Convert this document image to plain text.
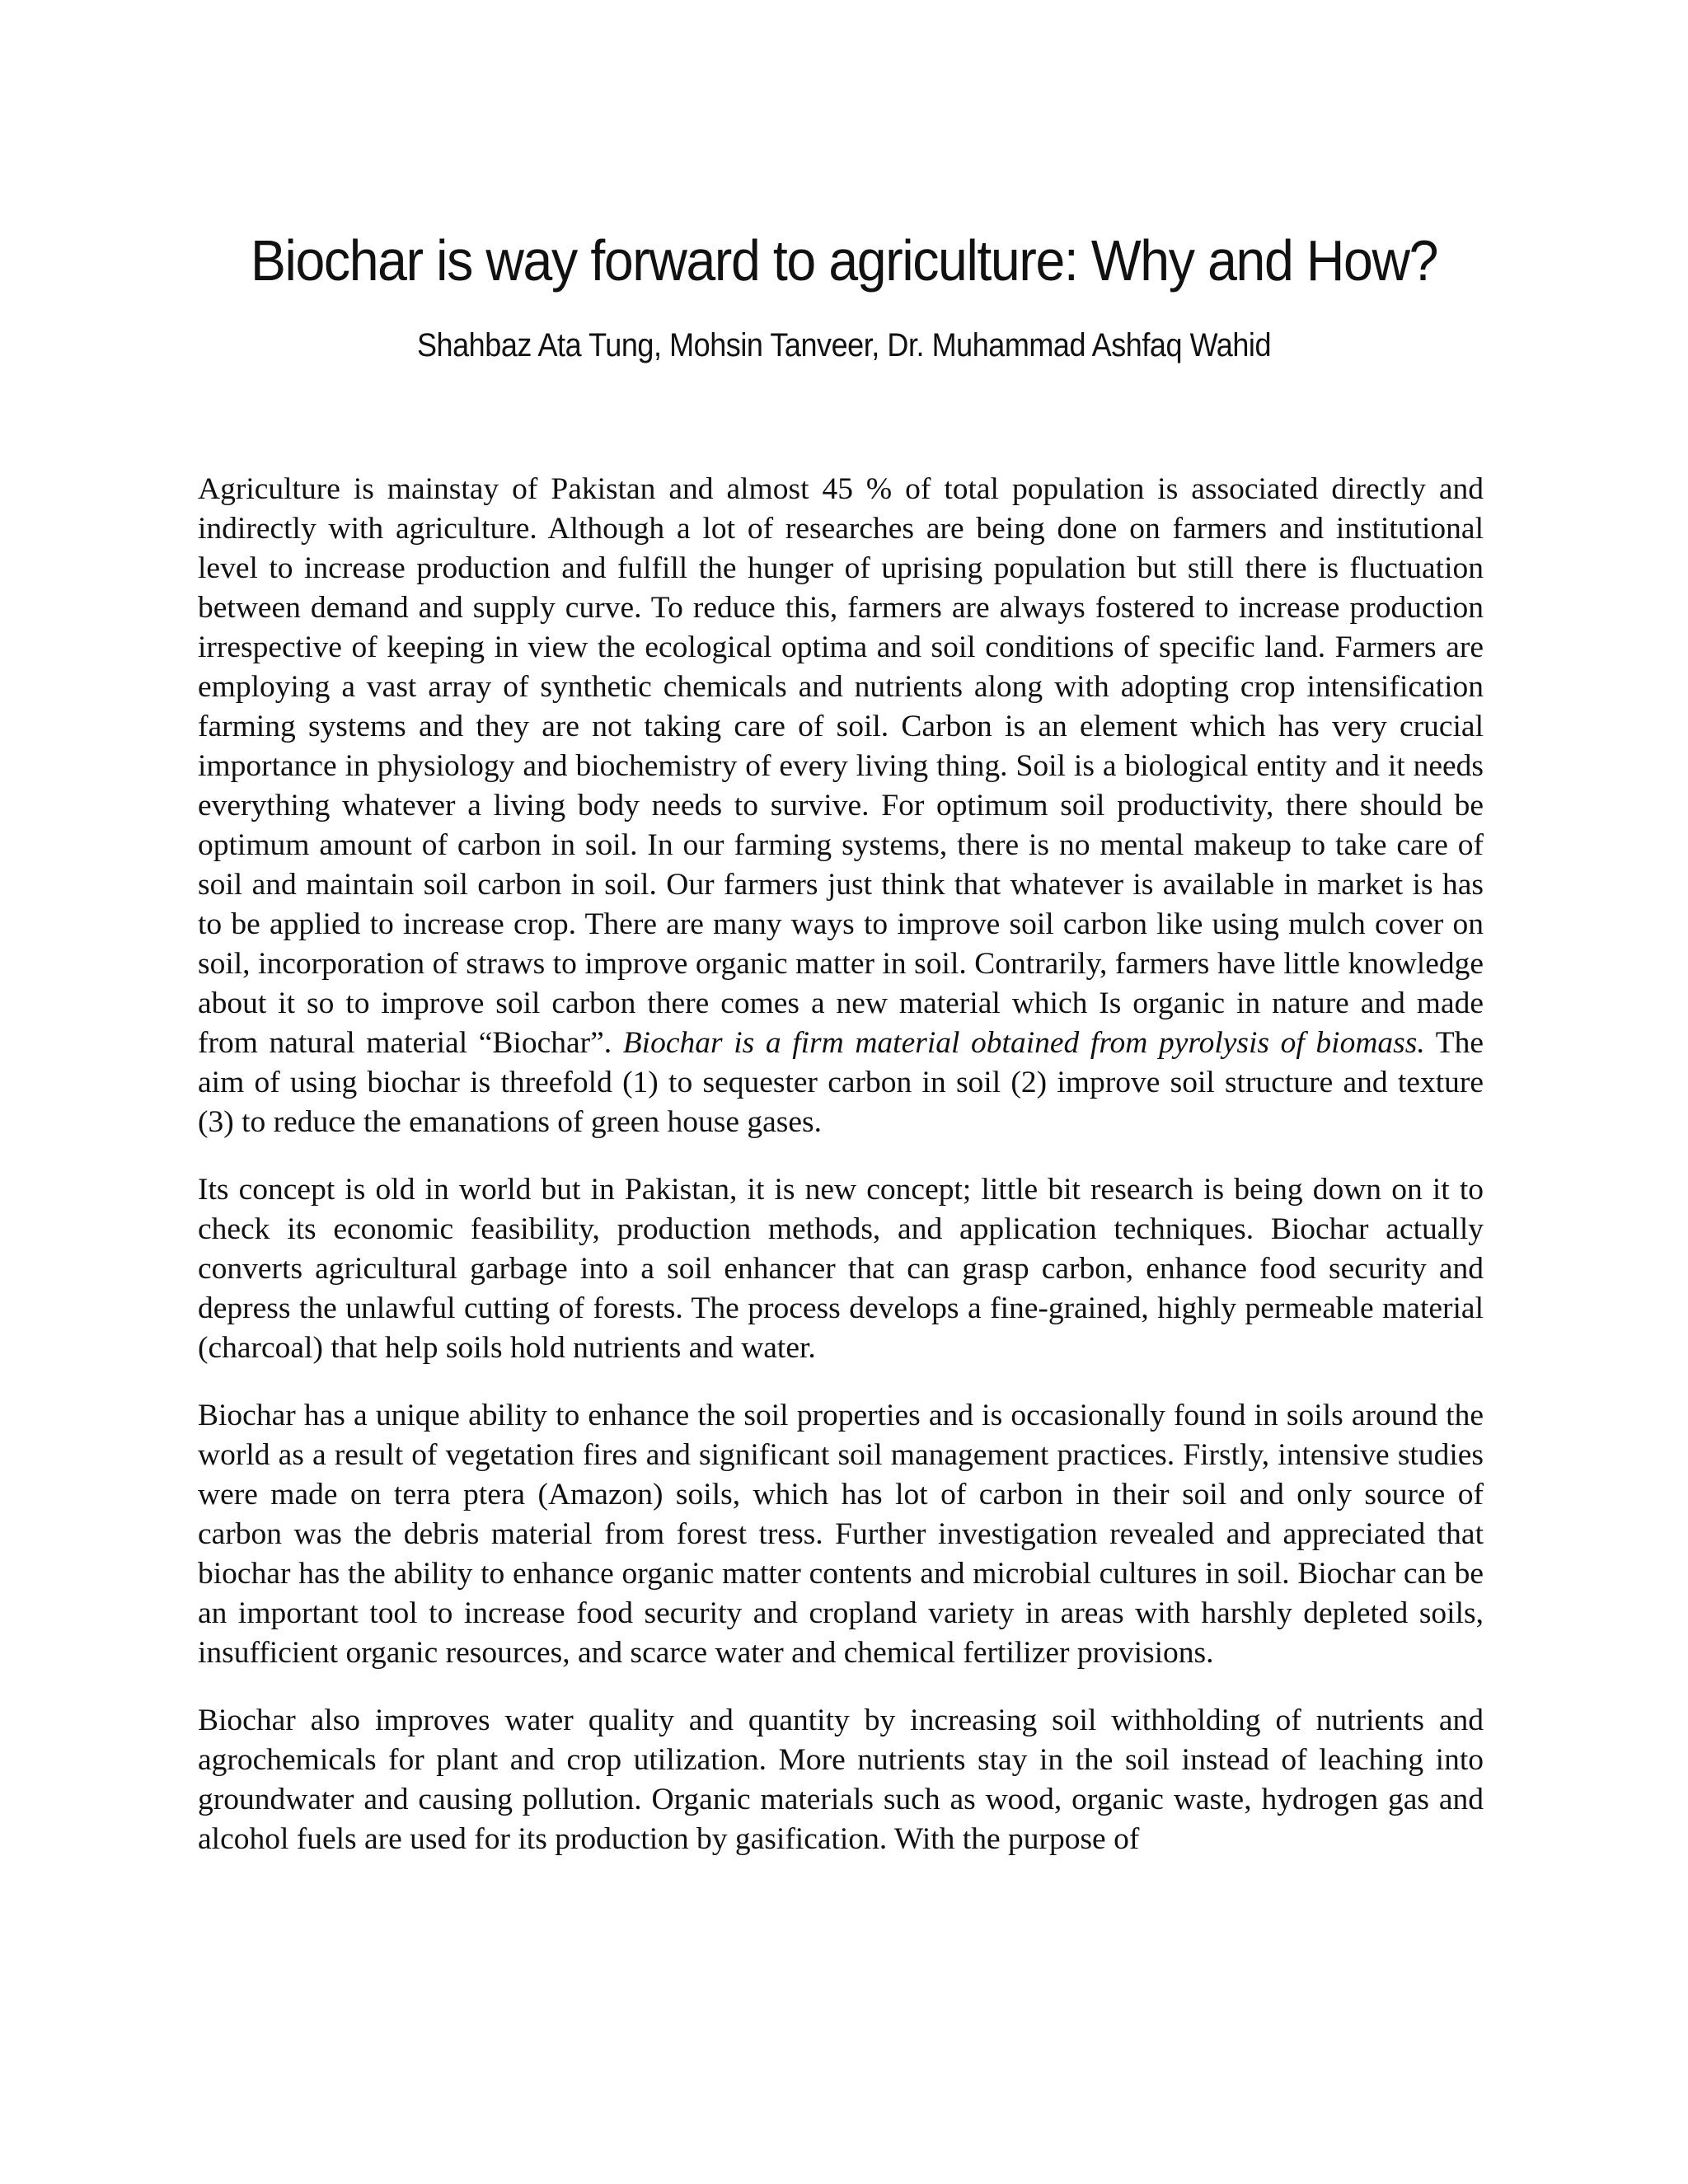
Biochar is way forward to agriculture: Why and How?
Shahbaz Ata Tung, Mohsin Tanveer, Dr. Muhammad Ashfaq Wahid

Agriculture is mainstay of Pakistan and almost 45 % of total population is associated directly and indirectly with agriculture. Although a lot of researches are being done on farmers and institutional level to increase production and fulfill the hunger of uprising population but still there is fluctuation between demand and supply curve. To reduce this, farmers are always fostered to increase production irrespective of keeping in view the ecological optima and soil conditions of specific land. Farmers are employing a vast array of synthetic chemicals and nutrients along with adopting crop intensification farming systems and they are not taking care of soil. Carbon is an element which has very crucial importance in physiology and biochemistry of every living thing. Soil is a biological entity and it needs everything whatever a living body needs to survive. For optimum soil productivity, there should be optimum amount of carbon in soil. In our farming systems, there is no mental makeup to take care of soil and maintain soil carbon in soil. Our farmers just think that whatever is available in market is has to be applied to increase crop. There are many ways to improve soil carbon like using mulch cover on soil, incorporation of straws to improve organic matter in soil. Contrarily, farmers have little knowledge about it so to improve soil carbon there comes a new material which Is organic in nature and made from natural material “Biochar”. Biochar is a firm material obtained from pyrolysis of biomass. The aim of using biochar is threefold (1) to sequester carbon in soil (2) improve soil structure and texture (3) to reduce the emanations of green house gases.

Its concept is old in world but in Pakistan, it is new concept; little bit research is being down on it to check its economic feasibility, production methods, and application techniques. Biochar actually converts agricultural garbage into a soil enhancer that can grasp carbon, enhance food security and depress the unlawful cutting of forests. The process develops a fine-grained, highly permeable material (charcoal) that help soils hold nutrients and water.

Biochar has a unique ability to enhance the soil properties and is occasionally found in soils around the world as a result of vegetation fires and significant soil management practices. Firstly, intensive studies were made on terra ptera (Amazon) soils, which has lot of carbon in their soil and only source of carbon was the debris material from forest tress. Further investigation revealed and appreciated that biochar has the ability to enhance organic matter contents and microbial cultures in soil. Biochar can be an important tool to increase food security and cropland variety in areas with harshly depleted soils, insufficient organic resources, and scarce water and chemical fertilizer provisions.

Biochar also improves water quality and quantity by increasing soil withholding of nutrients and agrochemicals for plant and crop utilization. More nutrients stay in the soil instead of leaching into groundwater and causing pollution. Organic materials such as wood, organic waste, hydrogen gas and alcohol fuels are used for its production by gasification. With the purpose of
